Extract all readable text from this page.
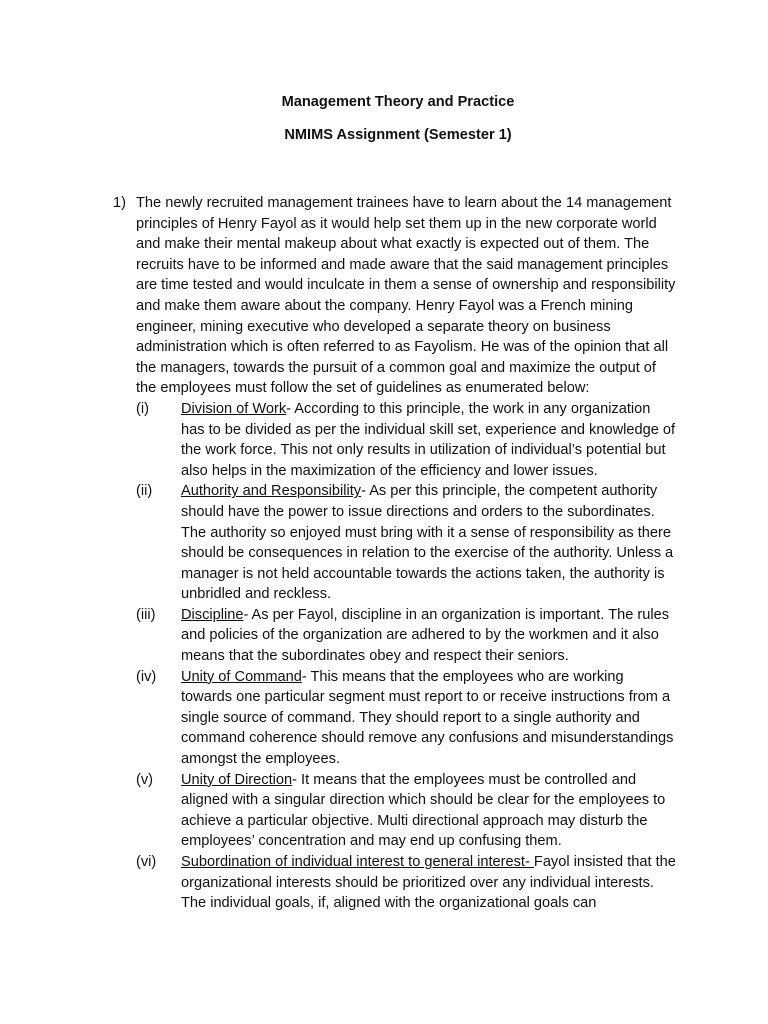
Management Theory and Practice
NMIMS Assignment (Semester 1)
1) The newly recruited management trainees have to learn about the 14 management principles of Henry Fayol as it would help set them up in the new corporate world and make their mental makeup about what exactly is expected out of them. The recruits have to be informed and made aware that the said management principles are time tested and would inculcate in them a sense of ownership and responsibility and make them aware about the company. Henry Fayol was a French mining engineer, mining executive who developed a separate theory on business administration which is often referred to as Fayolism. He was of the opinion that all the managers, towards the pursuit of a common goal and maximize the output of the employees must follow the set of guidelines as enumerated below:

(i) Division of Work- According to this principle, the work in any organization has to be divided as per the individual skill set, experience and knowledge of the work force. This not only results in utilization of individual’s potential but also helps in the maximization of the efficiency and lower issues.
(ii) Authority and Responsibility- As per this principle, the competent authority should have the power to issue directions and orders to the subordinates. The authority so enjoyed must bring with it a sense of responsibility as there should be consequences in relation to the exercise of the authority. Unless a manager is not held accountable towards the actions taken, the authority is unbridled and reckless.
(iii) Discipline- As per Fayol, discipline in an organization is important. The rules and policies of the organization are adhered to by the workmen and it also means that the subordinates obey and respect their seniors.
(iv) Unity of Command- This means that the employees who are working towards one particular segment must report to or receive instructions from a single source of command. They should report to a single authority and command coherence should remove any confusions and misunderstandings amongst the employees.
(v) Unity of Direction- It means that the employees must be controlled and aligned with a singular direction which should be clear for the employees to achieve a particular objective. Multi directional approach may disturb the employees’ concentration and may end up confusing them.
(vi) Subordination of individual interest to general interest- Fayol insisted that the organizational interests should be prioritized over any individual interests. The individual goals, if, aligned with the organizational goals can
